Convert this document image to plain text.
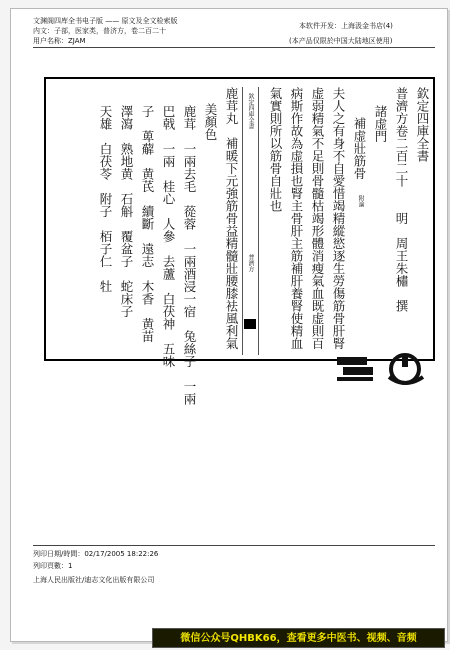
文渊阁四库全书电子版 —— 原文及全文检索版
内文：子部，医家类，普济方，卷二百二十
用户名称：ZJAM
本软件开发：上海汲金书店(4)
(本产品仅限於中国大陆地区使用)
欽定四庫全書
普濟方
欽定四庫全書
普濟方卷二百二十　　明　周王朱橚　撰
諸虚門
補虚壯筋骨
附論
夫人之有身不自愛惜竭精縱慾逐生勞傷筋骨肝腎
虚弱精氣不足則骨髓枯竭形體消瘦氣血既虚則百
病斯作故為虚損也腎主骨肝主筋補肝養腎使精血
氣實則所以筋骨自壯也
鹿茸丸　補暖下元強筋骨益精髓壯腰膝袪風利氣
美顏色
鹿茸　一兩去毛　蓯蓉　一兩酒浸一宿　兔絲子　一兩
巴戟　一兩　桂心　人參　去蘆　白茯神　五味
子　萆薢　黄芪　續斷　遠志　木香　黄苗
澤瀉　熟地黄　石斛　覆盆子　蛇床子
天雄　白茯苓　附子　栢子仁　牡
列印日期/時間：02/17/2005 18:22:26
列印頁數：1
上海人民出版社/迪志文化出版有限公司
微信公众号QHBK66，查看更多中医书、视频、音频
